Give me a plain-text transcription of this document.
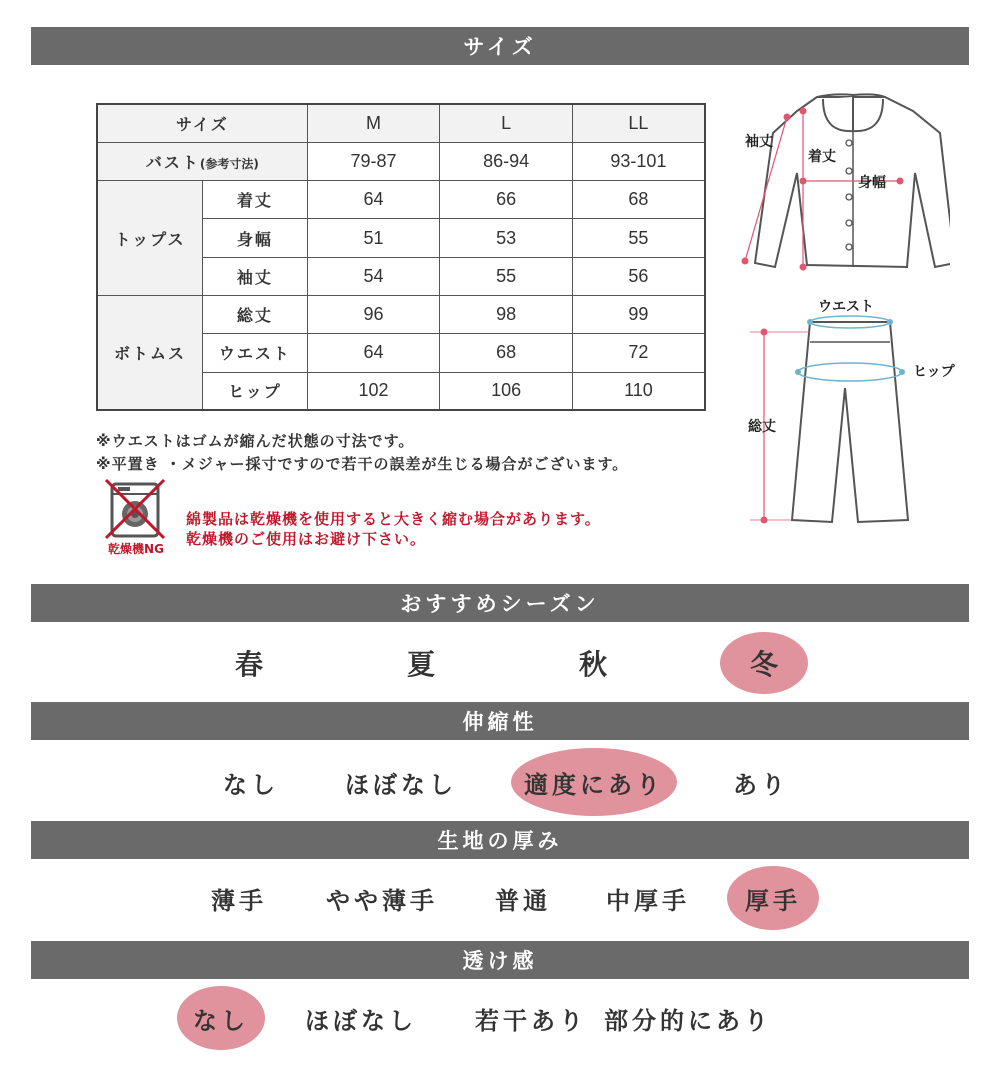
サイズ
サイズ		M	L	LL
バスト(参考寸法)		79-87	86-94	93-101
トップス	着丈	64	66	68
	身幅	51	53	55
	袖丈	54	55	56
ボトムス	総丈	96	98	99
	ウエスト	64	68	72
	ヒップ	102	106	110
※ウエストはゴムが縮んだ状態の寸法です。
※平置き ・メジャー採寸ですので若干の誤差が生じる場合がございます。
乾燥機NG
綿製品は乾燥機を使用すると大きく縮む場合があります。
乾燥機のご使用はお避け下さい。
袖丈
着丈
身幅
ウエスト
ヒップ
総丈
おすすめシーズン
春	夏	秋	冬
伸縮性
なし	ほぼなし	適度にあり	あり
生地の厚み
薄手 やや薄手 普通 中厚手	厚手
透け感
なし	ほぼなし 若干あり 部分的にあり
